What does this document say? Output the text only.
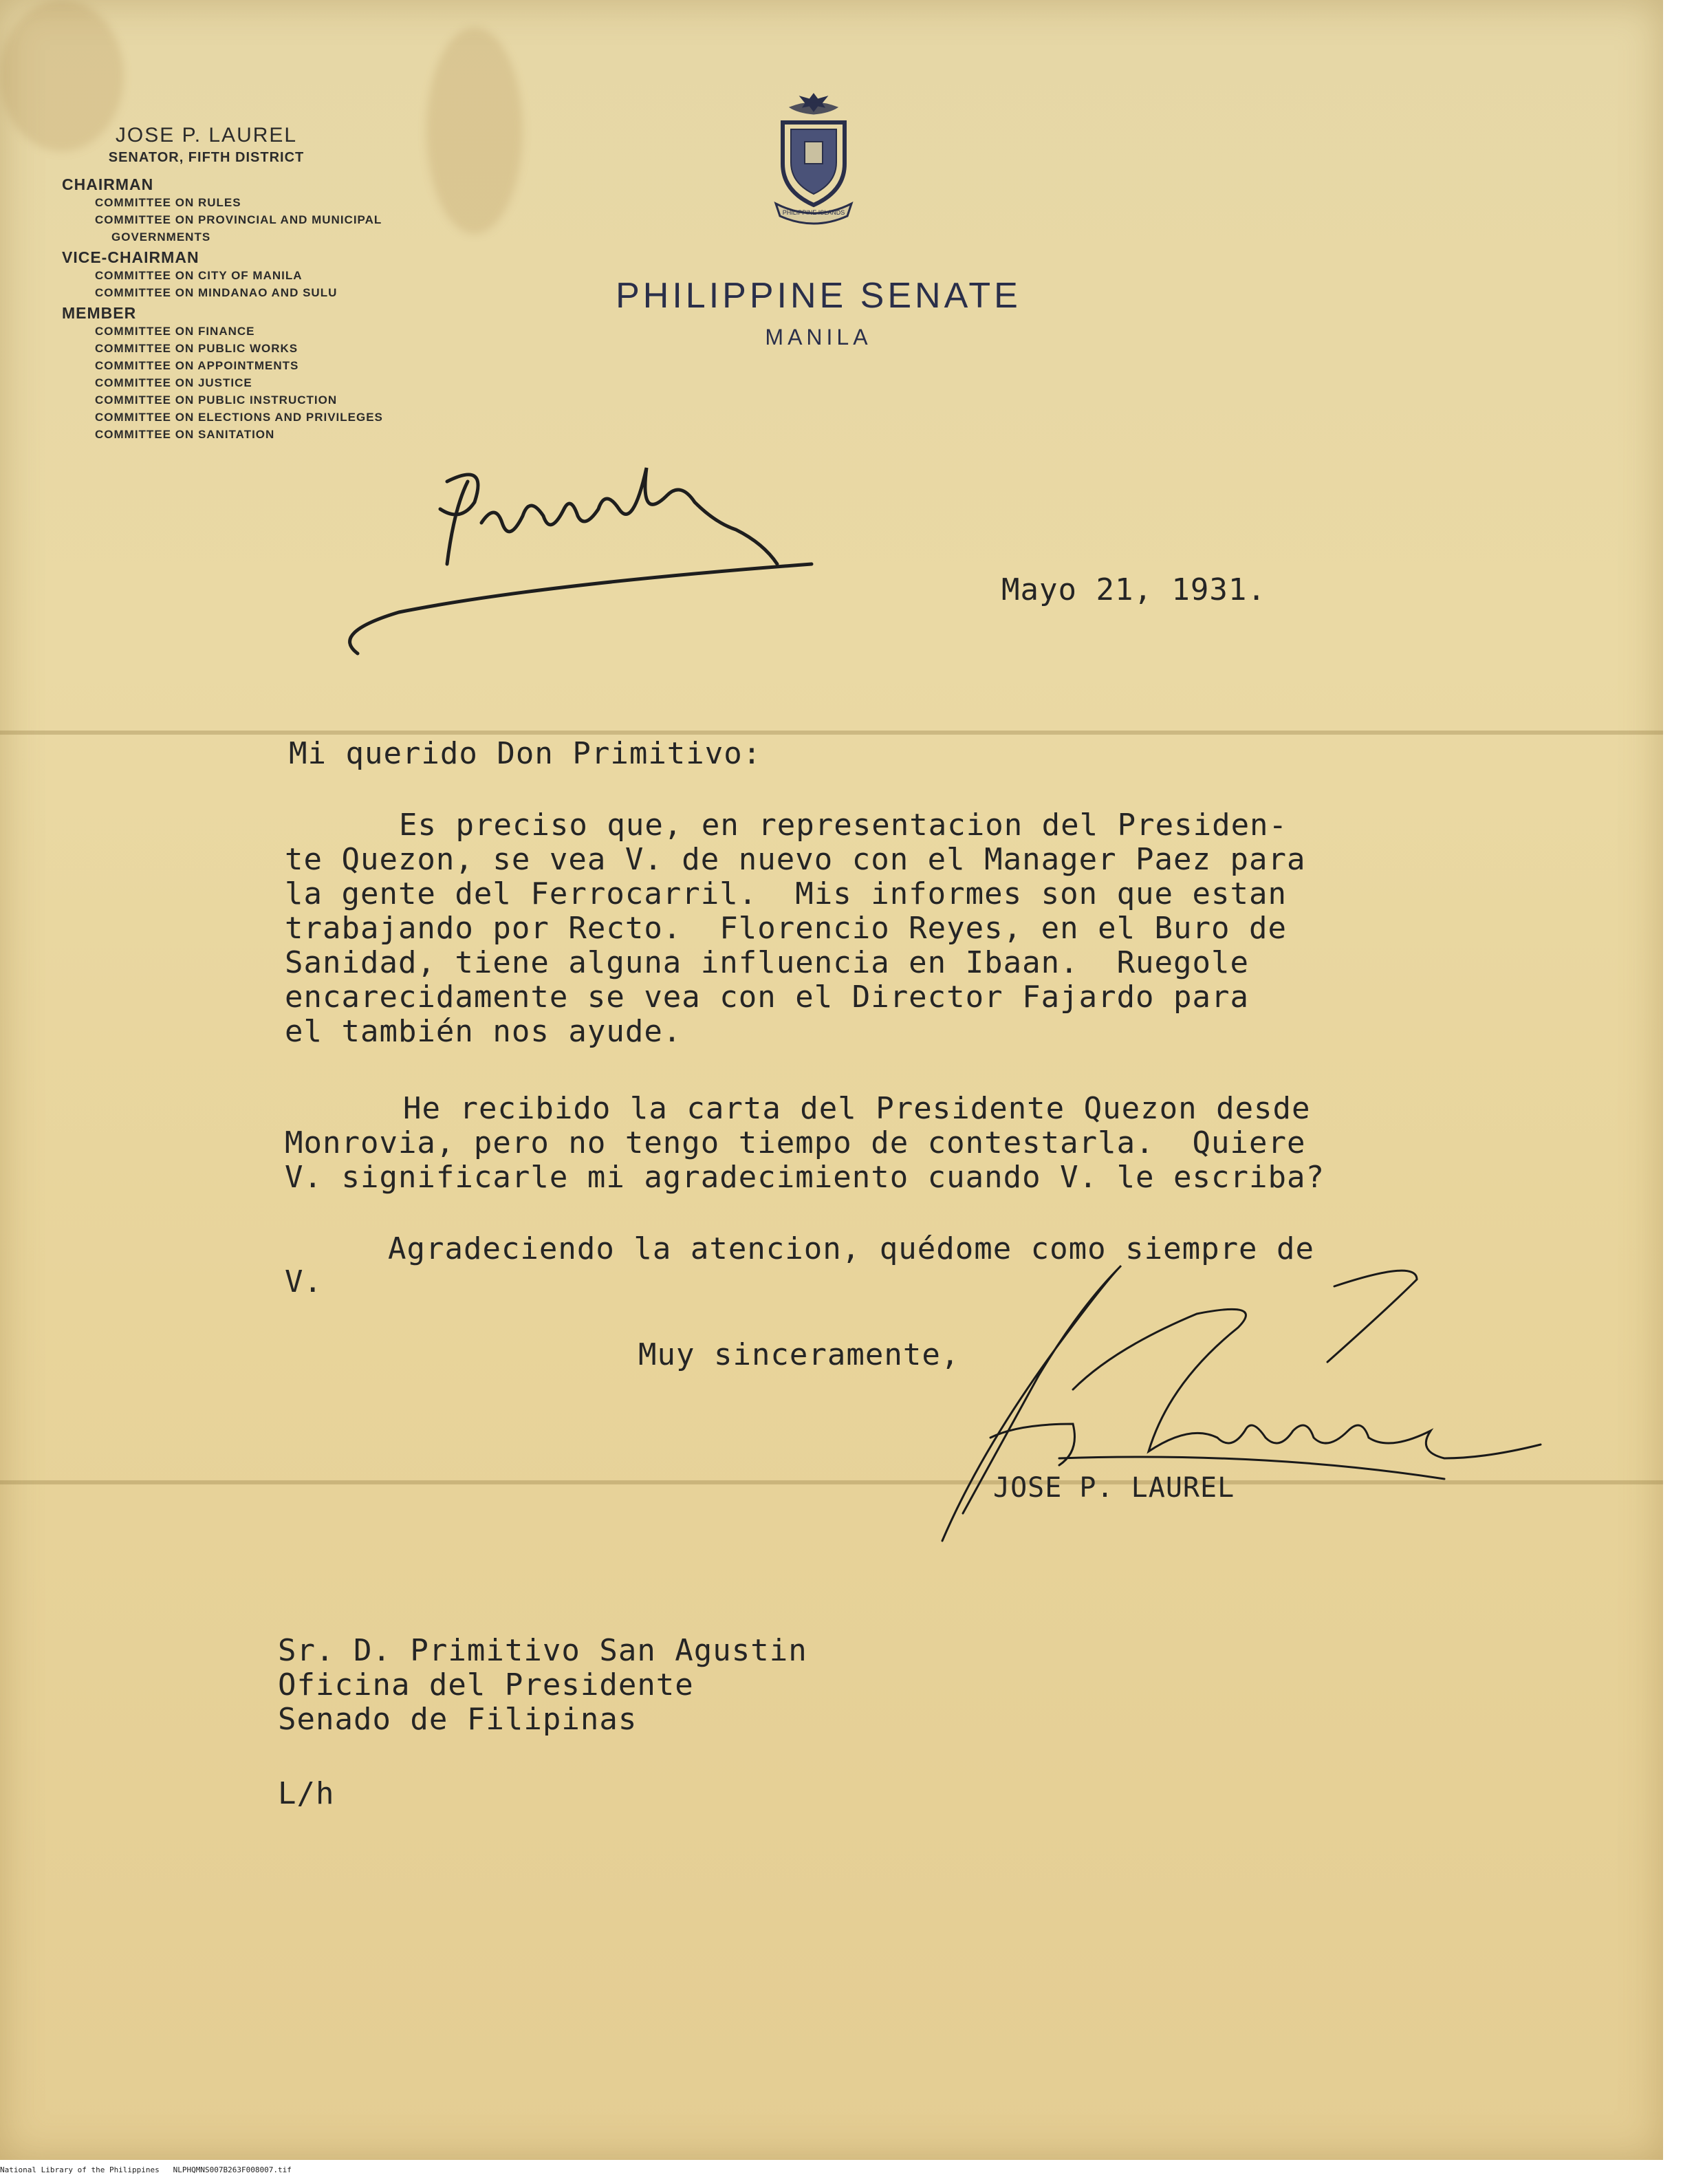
JOSE P. LAUREL
SENATOR, FIFTH DISTRICT
CHAIRMAN
COMMITTEE ON RULES
COMMITTEE ON PROVINCIAL AND MUNICIPAL
GOVERNMENTS
VICE-CHAIRMAN
COMMITTEE ON CITY OF MANILA
COMMITTEE ON MINDANAO AND SULU
MEMBER
COMMITTEE ON FINANCE
COMMITTEE ON PUBLIC WORKS
COMMITTEE ON APPOINTMENTS
COMMITTEE ON JUSTICE
COMMITTEE ON PUBLIC INSTRUCTION
COMMITTEE ON ELECTIONS AND PRIVILEGES
COMMITTEE ON SANITATION
PHILIPPINE ISLANDS
PHILIPPINE SENATE
MANILA
Personal
Mayo 21, 1931.
Mi querido Don Primitivo:
Es preciso que, en representacion del Presiden-
te Quezon, se vea V. de nuevo con el Manager Paez para
la gente del Ferrocarril.  Mis informes son que estan
trabajando por Recto.  Florencio Reyes, en el Buro de
Sanidad, tiene alguna influencia en Ibaan.  Ruegole
encarecidamente se vea con el Director Fajardo para
el también nos ayude.
He recibido la carta del Presidente Quezon desde
Monrovia, pero no tengo tiempo de contestarla.  Quiere
V. significarle mi agradecimiento cuando V. le escriba?
Agradeciendo la atencion, quédome como siempre de
V.
Muy sinceramente,
JOSE P. LAUREL
Sr. D. Primitivo San Agustin
Oficina del Presidente
Senado de Filipinas
L/h
National Library of the Philippines NLPHQMNS007B263F008007.tif
